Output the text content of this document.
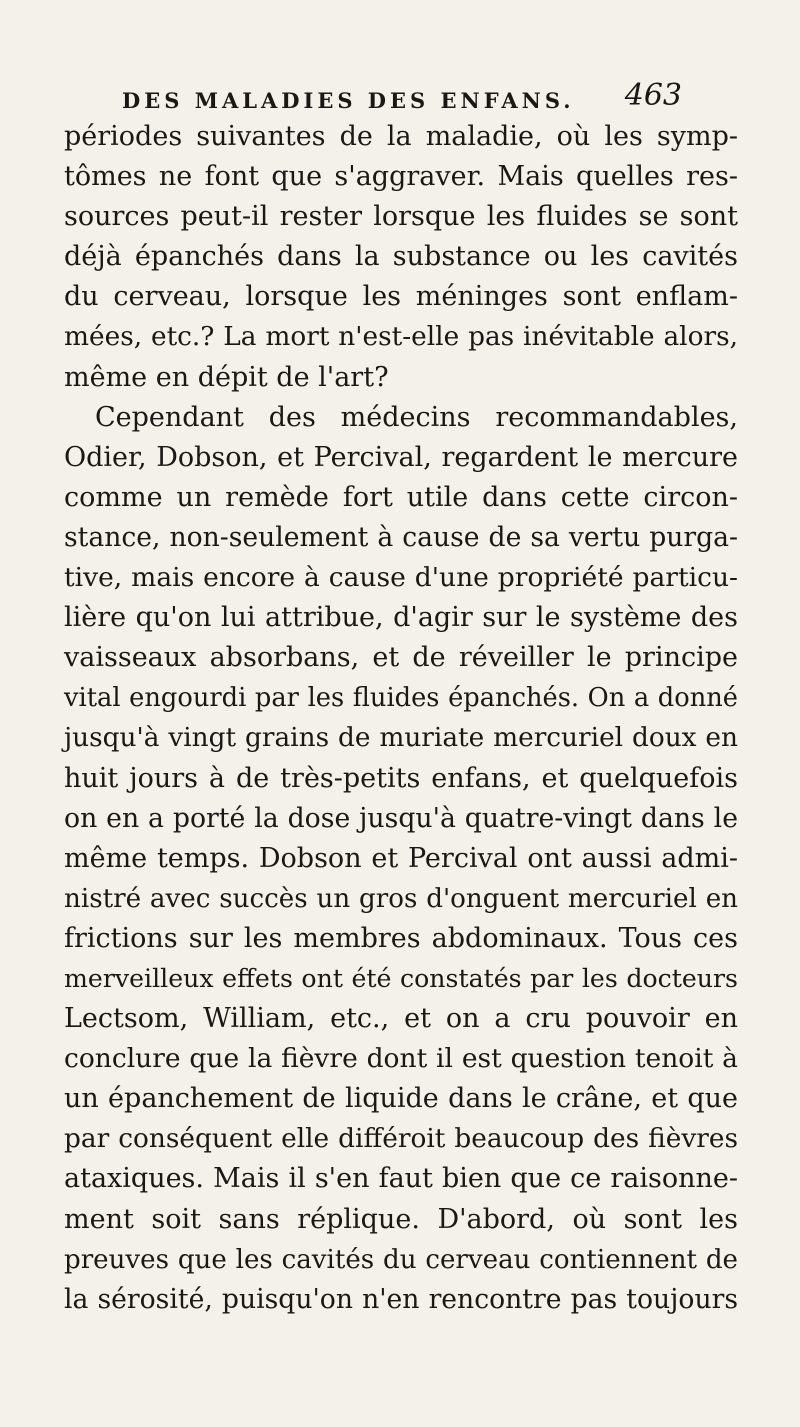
DES MALADIES DES ENFANS. 463
périodes suivantes de la maladie, où les symp-
tômes ne font que s'aggraver. Mais quelles res-
sources peut-il rester lorsque les fluides se sont
déjà épanchés dans la substance ou les cavités
du cerveau, lorsque les méninges sont enflam-
mées, etc.? La mort n'est-elle pas inévitable alors,
même en dépit de l'art?
Cependant des médecins recommandables,
Odier, Dobson, et Percival, regardent le mercure
comme un remède fort utile dans cette circon-
stance, non-seulement à cause de sa vertu purga-
tive, mais encore à cause d'une propriété particu-
lière qu'on lui attribue, d'agir sur le système des
vaisseaux absorbans, et de réveiller le principe
vital engourdi par les fluides épanchés. On a donné
jusqu'à vingt grains de muriate mercuriel doux en
huit jours à de très-petits enfans, et quelquefois
on en a porté la dose jusqu'à quatre-vingt dans le
même temps. Dobson et Percival ont aussi admi-
nistré avec succès un gros d'onguent mercuriel en
frictions sur les membres abdominaux. Tous ces
merveilleux effets ont été constatés par les docteurs
Lectsom, William, etc., et on a cru pouvoir en
conclure que la fièvre dont il est question tenoit à
un épanchement de liquide dans le crâne, et que
par conséquent elle différoit beaucoup des fièvres
ataxiques. Mais il s'en faut bien que ce raisonne-
ment soit sans réplique. D'abord, où sont les
preuves que les cavités du cerveau contiennent de
la sérosité, puisqu'on n'en rencontre pas toujours
